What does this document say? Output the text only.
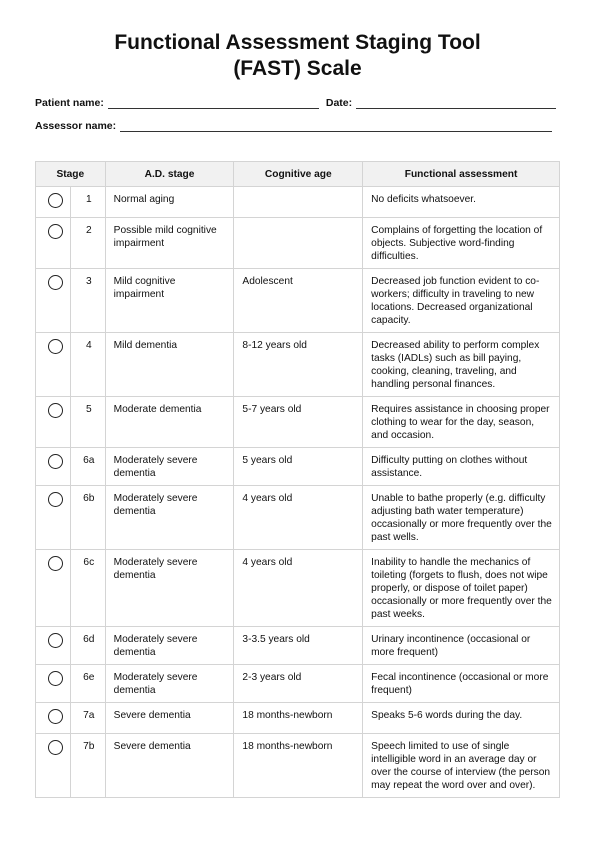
Functional Assessment Staging Tool
(FAST) Scale
Patient name:	Date:
Assessor name:
Stage		A.D. stage	Cognitive age	Functional assessment
	1	Normal aging		No deficits whatsoever.
	2	Possible mild cognitive impairment		Complains of forgetting the location of objects. Subjective word-finding difficulties.
	3	Mild cognitive impairment	Adolescent	Decreased job function evident to co-workers; difficulty in traveling to new locations. Decreased organizational capacity.
	4	Mild dementia	8-12 years old	Decreased ability to perform complex tasks (IADLs) such as bill paying, cooking, cleaning, traveling, and handling personal finances.
	5	Moderate dementia	5-7 years old	Requires assistance in choosing proper clothing to wear for the day, season, and occasion.
	6a	Moderately severe dementia	5 years old	Difficulty putting on clothes without assistance.
	6b	Moderately severe dementia	4 years old	Unable to bathe properly (e.g. difficulty adjusting bath water temperature) occasionally or more frequently over the past wells.
	6c	Moderately severe dementia	4 years old	Inability to handle the mechanics of toileting (forgets to flush, does not wipe properly, or dispose of toilet paper) occasionally or more frequently over the past weeks.
	6d	Moderately severe dementia	3-3.5 years old	Urinary incontinence (occasional or more frequent)
	6e	Moderately severe dementia	2-3 years old	Fecal incontinence (occasional or more frequent)
	7a	Severe dementia	18 months-newborn	Speaks 5-6 words during the day.
	7b	Severe dementia	18 months-newborn	Speech limited to use of single intelligible word in an average day or over the course of interview (the person may repeat the word over and over).
